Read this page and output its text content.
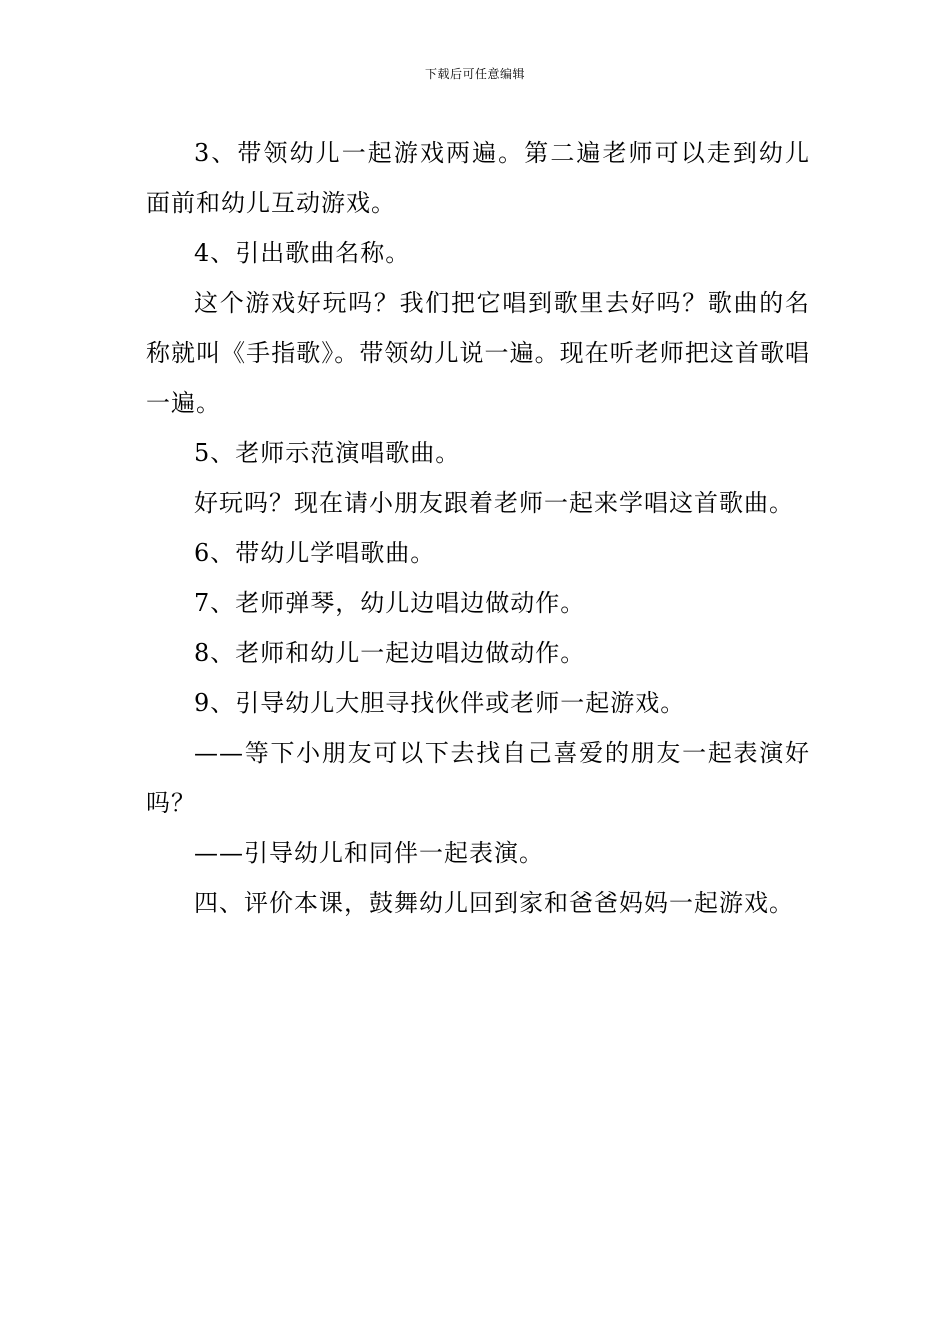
下载后可任意编辑

3、带领幼儿一起游戏两遍。第二遍老师可以走到幼儿面前和幼儿互动游戏。

4、引出歌曲名称。

这个游戏好玩吗？我们把它唱到歌里去好吗？歌曲的名称就叫《手指歌》。带领幼儿说一遍。现在听老师把这首歌唱一遍。

5、老师示范演唱歌曲。

好玩吗？现在请小朋友跟着老师一起来学唱这首歌曲。

6、带幼儿学唱歌曲。

7、老师弹琴，幼儿边唱边做动作。

8、老师和幼儿一起边唱边做动作。

9、引导幼儿大胆寻找伙伴或老师一起游戏。

——等下小朋友可以下去找自己喜爱的朋友一起表演好吗？

——引导幼儿和同伴一起表演。

四、评价本课，鼓舞幼儿回到家和爸爸妈妈一起游戏。
